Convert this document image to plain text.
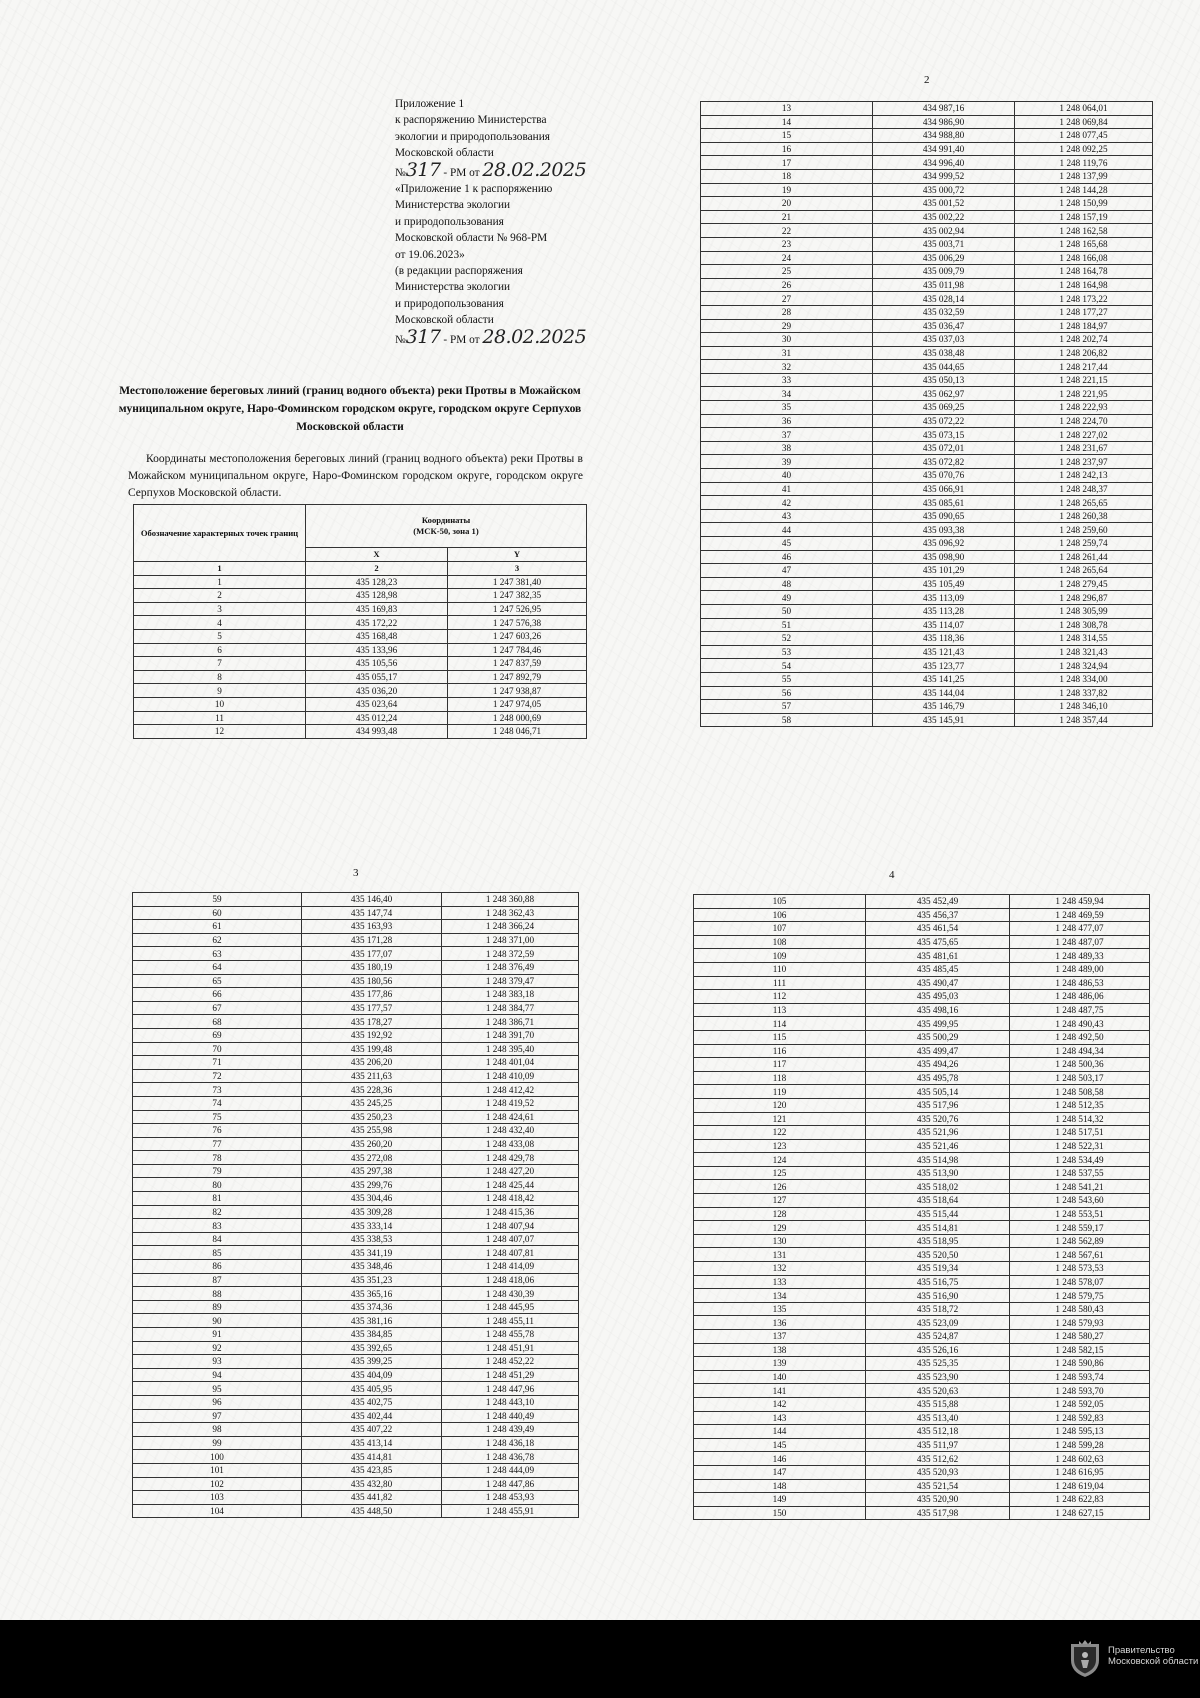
Приложение 1
к распоряжению Министерства
экологии и природопользования
Московской области
№317 - РМ от 28.02.2025
«Приложение 1 к распоряжению
Министерства экологии
и природопользования
Московской области № 968-РМ
от 19.06.2023»
(в редакции распоряжения
Министерства экологии
и природопользования
Московской области
№317 - РМ от 28.02.2025
Местоположение береговых линий (границ водного объекта) реки Протвы в Можайском муниципальном округе, Наро-Фоминском городском округе, городском округе Серпухов Московской области
Координаты местоположения береговых линий (границ водного объекта) реки Протвы в Можайском муниципальном округе, Наро-Фоминском городском округе, городском округе Серпухов Московской области.
Обозначение характерных точек границ	Координаты
(МСК-50, зона 1)	

	X	Y
1	2	3
1	435 128,23	1 247 381,40
2	435 128,98	1 247 382,35
3	435 169,83	1 247 526,95
4	435 172,22	1 247 576,38
5	435 168,48	1 247 603,26
6	435 133,96	1 247 784,46
7	435 105,56	1 247 837,59
8	435 055,17	1 247 892,79
9	435 036,20	1 247 938,87
10	435 023,64	1 247 974,05
11	435 012,24	1 248 000,69
12	434 993,48	1 248 046,71
2
13	434 987,16	1 248 064,01
14	434 986,90	1 248 069,84
15	434 988,80	1 248 077,45
16	434 991,40	1 248 092,25
17	434 996,40	1 248 119,76
18	434 999,52	1 248 137,99
19	435 000,72	1 248 144,28
20	435 001,52	1 248 150,99
21	435 002,22	1 248 157,19
22	435 002,94	1 248 162,58
23	435 003,71	1 248 165,68
24	435 006,29	1 248 166,08
25	435 009,79	1 248 164,78
26	435 011,98	1 248 164,98
27	435 028,14	1 248 173,22
28	435 032,59	1 248 177,27
29	435 036,47	1 248 184,97
30	435 037,03	1 248 202,74
31	435 038,48	1 248 206,82
32	435 044,65	1 248 217,44
33	435 050,13	1 248 221,15
34	435 062,97	1 248 221,95
35	435 069,25	1 248 222,93
36	435 072,22	1 248 224,70
37	435 073,15	1 248 227,02
38	435 072,01	1 248 231,67
39	435 072,82	1 248 237,97
40	435 070,76	1 248 242,13
41	435 066,91	1 248 248,37
42	435 085,61	1 248 265,65
43	435 090,65	1 248 260,38
44	435 093,38	1 248 259,60
45	435 096,92	1 248 259,74
46	435 098,90	1 248 261,44
47	435 101,29	1 248 265,64
48	435 105,49	1 248 279,45
49	435 113,09	1 248 296,87
50	435 113,28	1 248 305,99
51	435 114,07	1 248 308,78
52	435 118,36	1 248 314,55
53	435 121,43	1 248 321,43
54	435 123,77	1 248 324,94
55	435 141,25	1 248 334,00
56	435 144,04	1 248 337,82
57	435 146,79	1 248 346,10
58	435 145,91	1 248 357,44
3
59	435 146,40	1 248 360,88
60	435 147,74	1 248 362,43
61	435 163,93	1 248 366,24
62	435 171,28	1 248 371,00
63	435 177,07	1 248 372,59
64	435 180,19	1 248 376,49
65	435 180,56	1 248 379,47
66	435 177,86	1 248 383,18
67	435 177,57	1 248 384,77
68	435 178,27	1 248 386,71
69	435 192,92	1 248 391,70
70	435 199,48	1 248 395,40
71	435 206,20	1 248 401,04
72	435 211,63	1 248 410,09
73	435 228,36	1 248 412,42
74	435 245,25	1 248 419,52
75	435 250,23	1 248 424,61
76	435 255,98	1 248 432,40
77	435 260,20	1 248 433,08
78	435 272,08	1 248 429,78
79	435 297,38	1 248 427,20
80	435 299,76	1 248 425,44
81	435 304,46	1 248 418,42
82	435 309,28	1 248 415,36
83	435 333,14	1 248 407,94
84	435 338,53	1 248 407,07
85	435 341,19	1 248 407,81
86	435 348,46	1 248 414,09
87	435 351,23	1 248 418,06
88	435 365,16	1 248 430,39
89	435 374,36	1 248 445,95
90	435 381,16	1 248 455,11
91	435 384,85	1 248 455,78
92	435 392,65	1 248 451,91
93	435 399,25	1 248 452,22
94	435 404,09	1 248 451,29
95	435 405,95	1 248 447,96
96	435 402,75	1 248 443,10
97	435 402,44	1 248 440,49
98	435 407,22	1 248 439,49
99	435 413,14	1 248 436,18
100	435 414,81	1 248 436,78
101	435 423,85	1 248 444,09
102	435 432,80	1 248 447,86
103	435 441,82	1 248 453,93
104	435 448,50	1 248 455,91
4
105	435 452,49	1 248 459,94
106	435 456,37	1 248 469,59
107	435 461,54	1 248 477,07
108	435 475,65	1 248 487,07
109	435 481,61	1 248 489,33
110	435 485,45	1 248 489,00
111	435 490,47	1 248 486,53
112	435 495,03	1 248 486,06
113	435 498,16	1 248 487,75
114	435 499,95	1 248 490,43
115	435 500,29	1 248 492,50
116	435 499,47	1 248 494,34
117	435 494,26	1 248 500,36
118	435 495,78	1 248 503,17
119	435 505,14	1 248 508,58
120	435 517,96	1 248 512,35
121	435 520,76	1 248 514,32
122	435 521,96	1 248 517,51
123	435 521,46	1 248 522,31
124	435 514,98	1 248 534,49
125	435 513,90	1 248 537,55
126	435 518,02	1 248 541,21
127	435 518,64	1 248 543,60
128	435 515,44	1 248 553,51
129	435 514,81	1 248 559,17
130	435 518,95	1 248 562,89
131	435 520,50	1 248 567,61
132	435 519,34	1 248 573,53
133	435 516,75	1 248 578,07
134	435 516,90	1 248 579,75
135	435 518,72	1 248 580,43
136	435 523,09	1 248 579,93
137	435 524,87	1 248 580,27
138	435 526,16	1 248 582,15
139	435 525,35	1 248 590,86
140	435 523,90	1 248 593,74
141	435 520,63	1 248 593,70
142	435 515,88	1 248 592,05
143	435 513,40	1 248 592,83
144	435 512,18	1 248 595,13
145	435 511,97	1 248 599,28
146	435 512,62	1 248 602,63
147	435 520,93	1 248 616,95
148	435 521,54	1 248 619,04
149	435 520,90	1 248 622,83
150	435 517,98	1 248 627,15
Правительство
Московской области
